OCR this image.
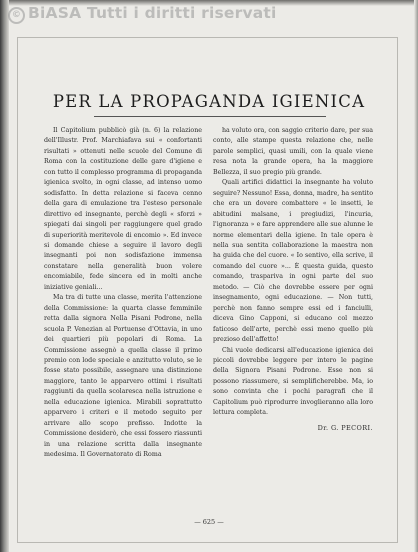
© BiASA Tutti i diritti riservati
PER LA PROPAGANDA IGIENICA

Il Capitolium pubblicò già (n. 6) la relazione dell'Illustr. Prof. Marchiafava sui « confortanti risultati » ottenuti nelle scuole del Comune di Roma con la costituzione delle gare d'igiene e con tutto il complesso programma di propaganda igienica svolto, in ogni classe, ad intenso uomo sodisfatto. In detta relazione si faceva cenno della gara di emulazione tra l'esteso personale direttivo ed insegnante, perchè degli « sforzi » spiegati dai singoli per raggiungere quel grado di superiorità meritevole di encomio ». Ed invece si domande chiese a seguire il lavoro degli insegnanti poi non sodisfazione immensa constatare nella generalità buon volere encomiabile, fede sincera ed in molti anche iniziative geniali...

Ma tra di tutte una classe, merita l'attenzione della Commissione: la quarta classe femminile retta dalla signora Nella Pisani Podrone, nella scuola P. Venezian al Portuense d'Ottavia, in uno dei quartieri più popolari di Roma. La Commissione assegnò a quella classe il primo premio con lode speciale e anzitutto voluto, se le fosse stato possibile, assegnare una distinzione maggiore, tanto le apparvero ottimi i risultati raggiunti da quella scolaresca nella istruzione e nella educazione igienica. Mirabili soprattutto apparvero i criteri e il metodo seguito per arrivare allo scopo prefisso. Indotte la Commissione desiderò, che essi fossero riassunti in una relazione scritta dalla insegnante medesima. Il Governatorato di Roma

ha voluto ora, con saggio criterio dare, per sua conto, alle stampe questa relazione che, nelle parole semplici, quasi umili, con la quale viene resa nota la grande opera, ha la maggiore Bellezza, il suo pregio più grande.

Quali artifici didattici la insegnante ha voluto seguire? Nessuno! Essa, donna, madre, ha sentito che era un dovere combattere « le insetti, le abitudini malsane, i pregiudizi, l'incuria, l'ignoranza » e fare apprendere alle sue alunne le norme elementari della igiene. In tale opera è nella sua sentita collaborazione la maestra non ha guida che del cuore. « Io sentivo, ella scrive, il comando del cuore »... È questa guida, questo comando, traspariva in ogni parte del suo metodo. — Ciò che dovrebbe essere per ogni insegnamento, ogni educazione. — Non tutti, perchè non fanno sempre essi ed i fanciulli, diceva Gino Capponi, si educano col mezzo faticoso dell'arte, perchè essi meno quello più prezioso dell'affetto!

Chi vuole dedicarsi all'educazione igienica dei piccoli dovrebbe leggere per intero le pagine della Signora Pisani Podrone. Esse non si possono riassumere, si semplificherebbe. Ma, io sono convinta che i pochi paragrafi che il Capitolium può riprodurre invoglieranno alla loro lettura completa.

Dr. G. PECORI.
— 625 —
